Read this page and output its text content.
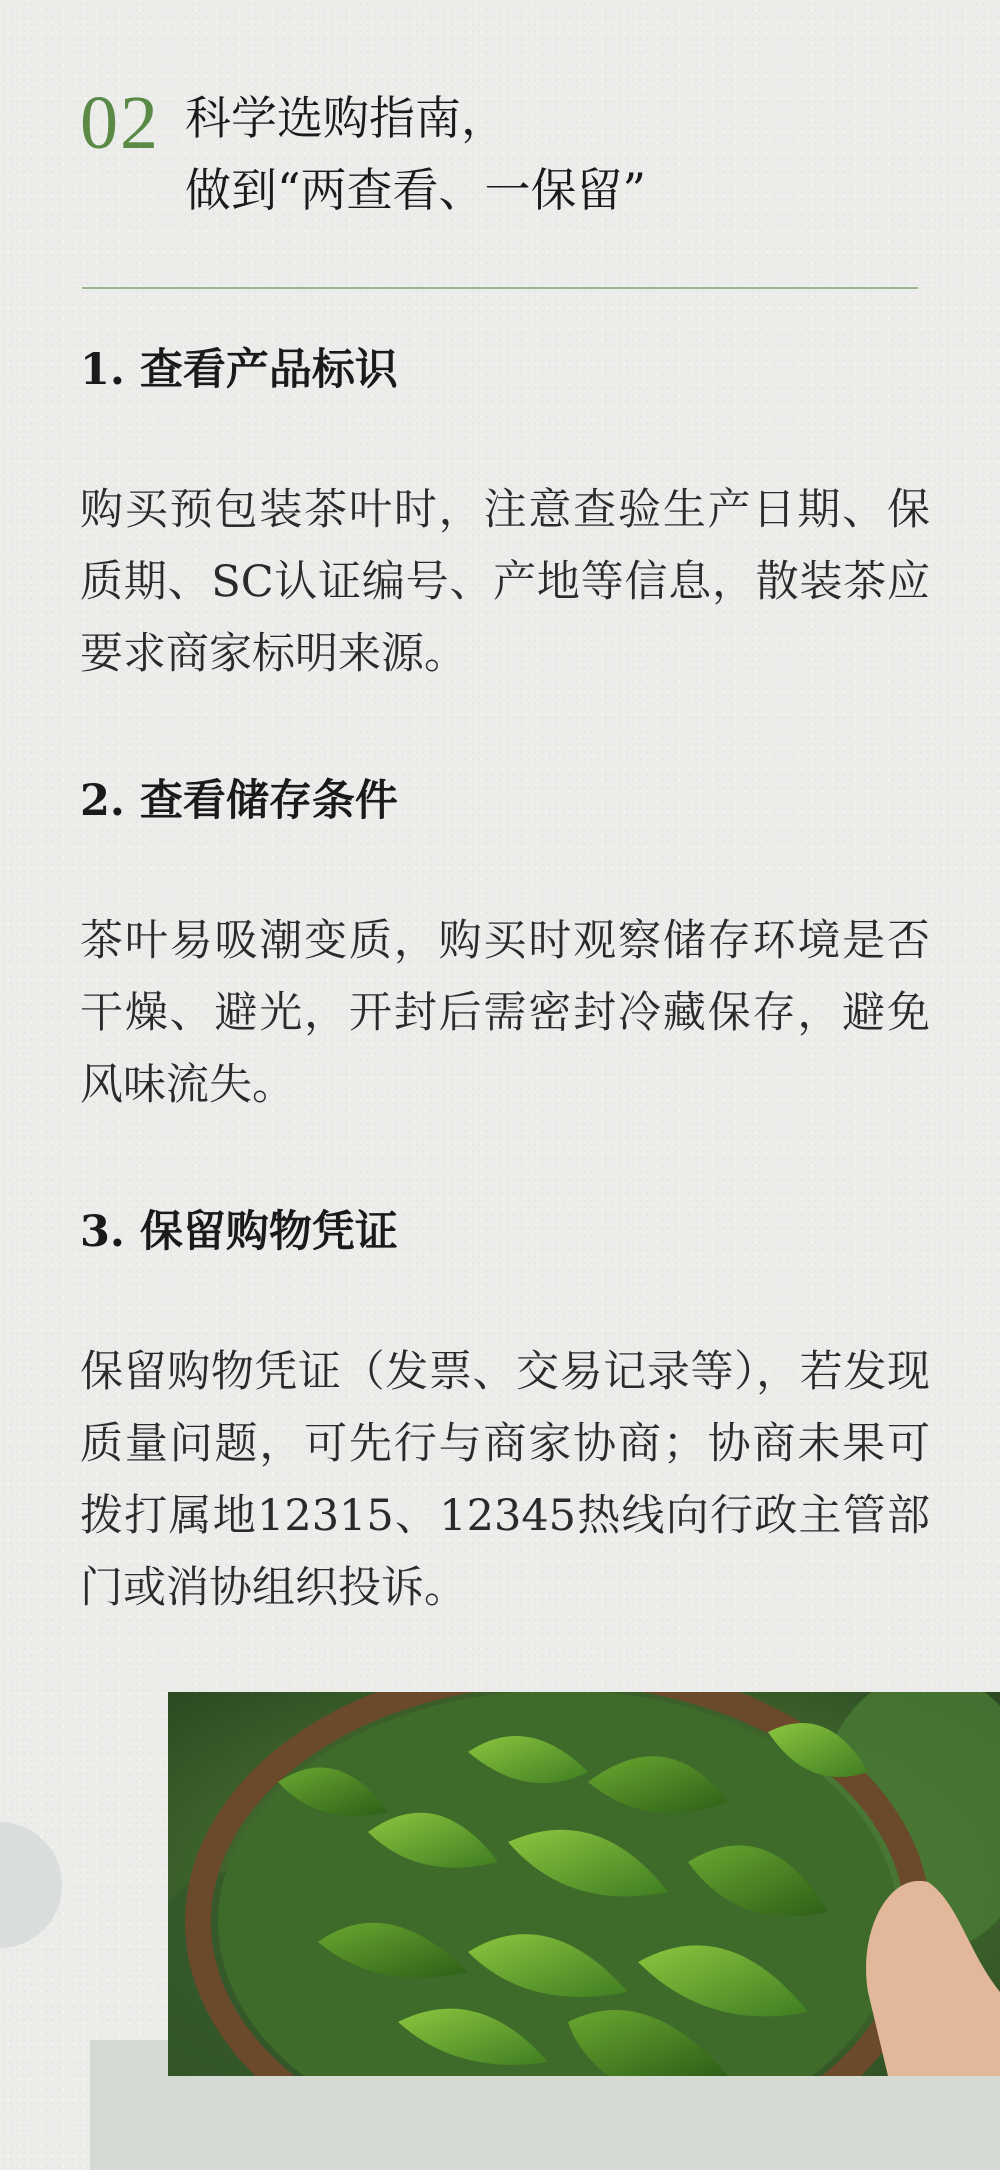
02 科学选购指南，
做到“两查看、一保留”
1. 查看产品标识
购买预包装茶叶时，注意查验生产日期、保质期、SC认证编号、产地等信息，散装茶应要求商家标明来源。
2. 查看储存条件
茶叶易吸潮变质，购买时观察储存环境是否干燥、避光，开封后需密封冷藏保存，避免风味流失。
3. 保留购物凭证
保留购物凭证（发票、交易记录等），若发现质量问题，可先行与商家协商；协商未果可拨打属地12315、12345热线向行政主管部门或消协组织投诉。
